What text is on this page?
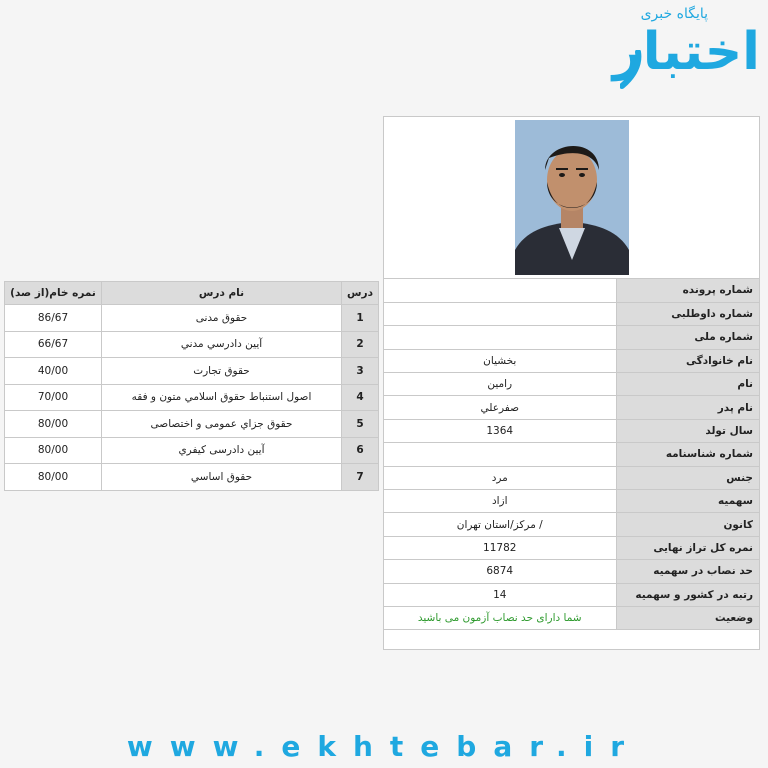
پایگاه خبری
اختبار
شماره پرونده	
شماره داوطلبی	
شماره ملی	
نام خانوادگی	بخشیان
نام	رامین
نام پدر	صفرعلي
سال تولد	1364
شماره شناسنامه	
جنس	مرد
سهمیه	ازاد
کانون	/ مرکز/استان تهران
نمره کل تراز نهایی	11782
حد نصاب در سهمیه	6874
رتبه در کشور و سهمیه	14
وضعیت	شما دارای حد نصاب آزمون می باشید
درس	نام درس	نمره خام(از صد)
1	حقوق مدنی	86/67
2	آيين دادرسي مدني	66/67
3	حقوق تجارت	40/00
4	اصول استنباط حقوق اسلامي متون و فقه	70/00
5	حقوق جزاي عمومی و اختصاصی	80/00
6	آيين دادرسی کيفري	80/00
7	حقوق اساسي	80/00
www.ekhtebar.ir
